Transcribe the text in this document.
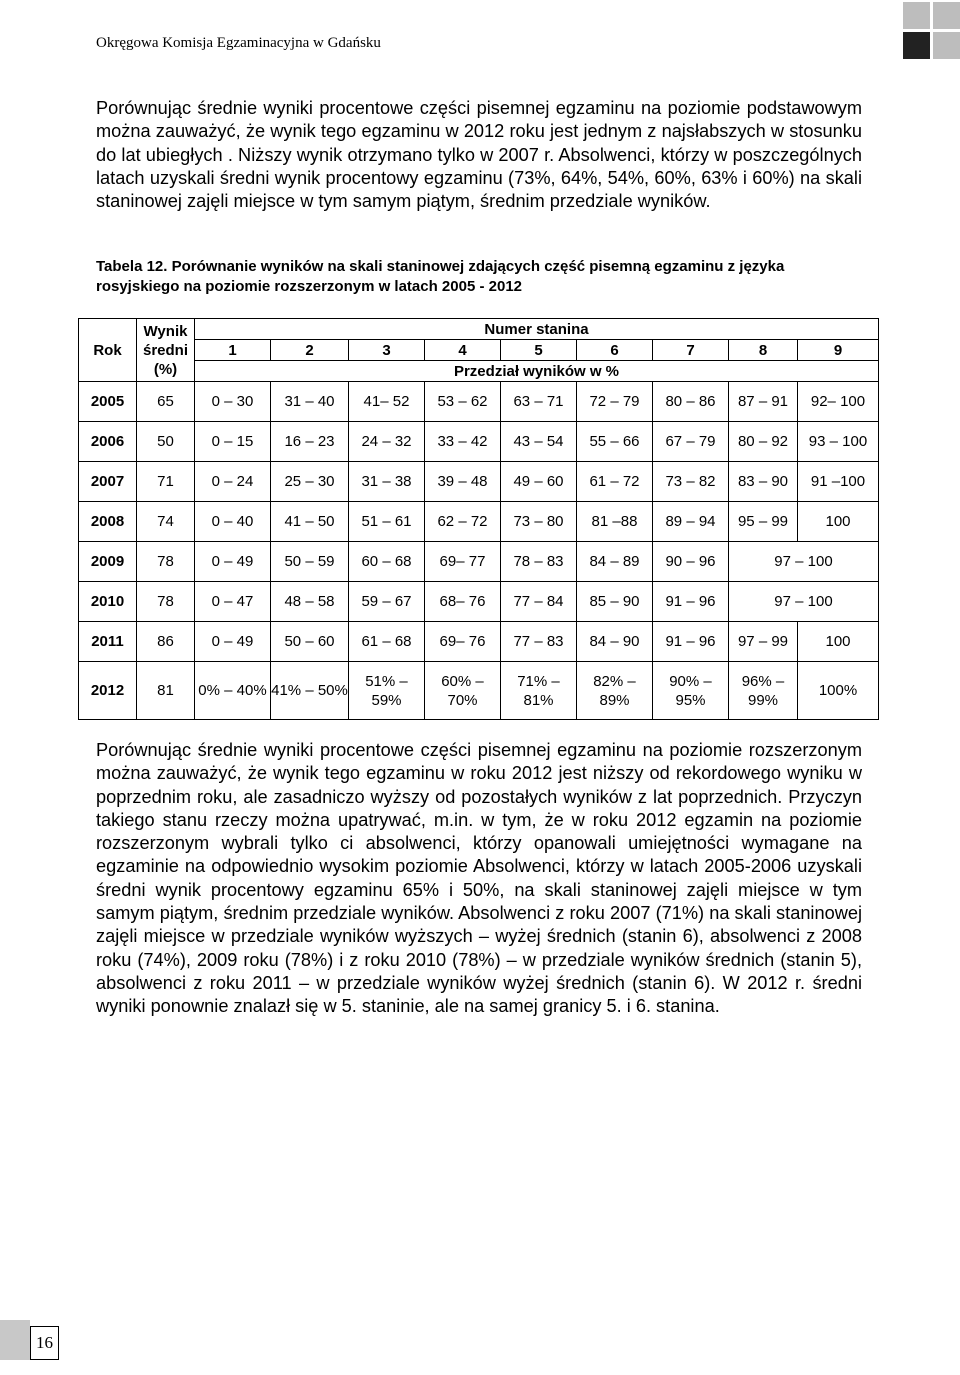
Okręgowa Komisja Egzaminacyjna w Gdańsku

Porównując średnie wyniki procentowe części pisemnej egzaminu na poziomie podstawowym można zauważyć, że wynik tego egzaminu w 2012 roku jest jednym z najsłabszych w stosunku do lat ubiegłych . Niższy wynik otrzymano tylko w 2007 r. Absolwenci, którzy w poszczególnych latach uzyskali średni wynik procentowy egzaminu (73%, 64%, 54%, 60%, 63% i 60%) na skali staninowej zajęli miejsce w tym samym piątym, średnim przedziale wyników.

Tabela 12. Porównanie wyników na skali staninowej zdających część pisemną egzaminu z języka rosyjskiego na poziomie rozszerzonym w latach 2005 - 2012

Rok	Wynik średni (%)	Numer stanina								
		1	2	3	4	5	6	7	8	9
		Przedział wyników w %								
2005	65	0 – 30	31 – 40	41– 52	53 – 62	63 – 71	72 – 79	80 – 86	87 – 91	92– 100
2006	50	0 – 15	16 – 23	24 – 32	33 – 42	43 – 54	55 – 66	67 – 79	80 – 92	93 – 100
2007	71	0 – 24	25 – 30	31 – 38	39 – 48	49 – 60	61 – 72	73 – 82	83 – 90	91 –100
2008	74	0 – 40	41 – 50	51 – 61	62 – 72	73 – 80	81 –88	89 – 94	95 – 99	100
2009	78	0 – 49	50 – 59	60 – 68	69– 77	78 – 83	84 – 89	90 – 96	97 – 100	
2010	78	0 – 47	48 – 58	59 – 67	68– 76	77 – 84	85 – 90	91 – 96	97 – 100	
2011	86	0 – 49	50 – 60	61 – 68	69– 76	77 – 83	84 – 90	91 – 96	97 – 99	100
2012	81	0% – 40%	41% – 50%	51% – 59%	60% – 70%	71% – 81%	82% – 89%	90% – 95%	96% – 99%	100%

Porównując średnie wyniki procentowe części pisemnej egzaminu na poziomie rozszerzonym można zauważyć, że wynik tego egzaminu w roku 2012 jest niższy od rekordowego wyniku w poprzednim roku, ale zasadniczo wyższy od pozostałych wyników z lat poprzednich. Przyczyn takiego stanu rzeczy można upatrywać, m.in. w tym, że w roku 2012 egzamin na poziomie rozszerzonym wybrali tylko ci absolwenci, którzy opanowali umiejętności wymagane na egzaminie na odpowiednio wysokim poziomie Absolwenci, którzy w latach 2005-2006 uzyskali średni wynik procentowy egzaminu 65% i 50%, na skali staninowej zajęli miejsce w tym samym piątym, średnim przedziale wyników. Absolwenci z roku 2007 (71%) na skali staninowej zajęli miejsce w przedziale wyników wyższych – wyżej średnich (stanin 6), absolwenci z 2008 roku (74%), 2009 roku (78%) i z roku 2010 (78%) – w przedziale wyników średnich (stanin 5), absolwenci z roku 2011 – w przedziale wyników wyżej średnich (stanin 6). W 2012 r. średni wyniki ponownie znalazł się w 5. staninie, ale na samej granicy 5. i 6. stanina.

16
